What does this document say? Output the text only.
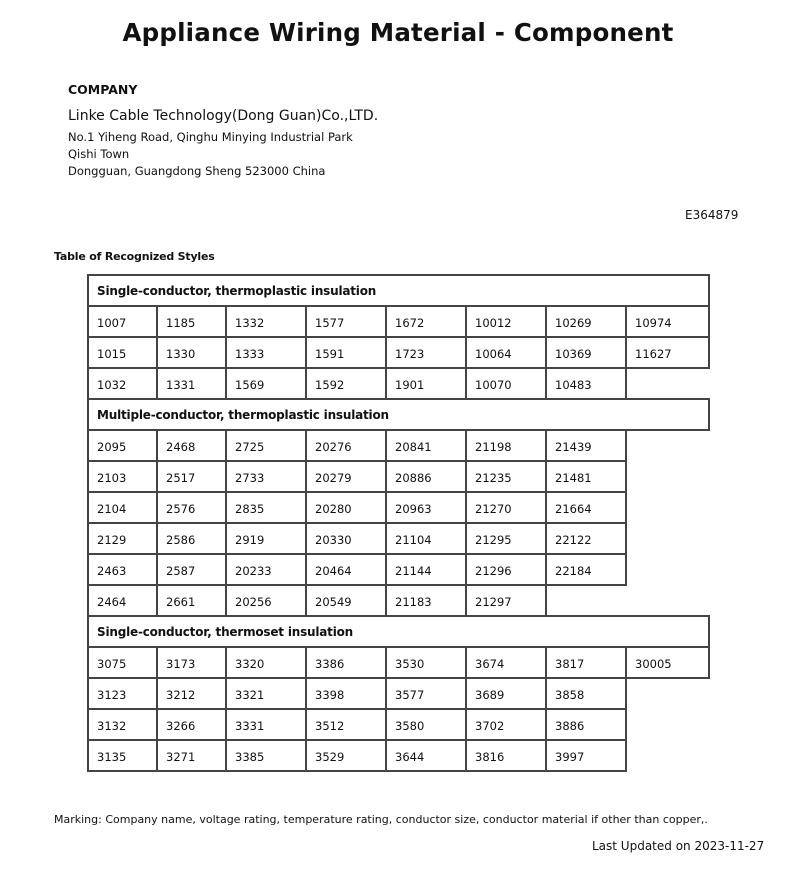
Appliance Wiring Material - Component
COMPANY
Linke Cable Technology(Dong Guan)Co.,LTD.
No.1 Yiheng Road, Qinghu Minying Industrial Park
Qishi Town
Dongguan, Guangdong Sheng 523000 China
E364879
Table of Recognized Styles
Single-conductor, thermoplastic insulation
1007	1185	1332	1577	1672	10012	10269	10974
1015	1330	1333	1591	1723	10064	10369	11627
1032	1331	1569	1592	1901	10070	10483
Multiple-conductor, thermoplastic insulation
2095	2468	2725	20276	20841	21198	21439
2103	2517	2733	20279	20886	21235	21481
2104	2576	2835	20280	20963	21270	21664
2129	2586	2919	20330	21104	21295	22122
2463	2587	20233	20464	21144	21296	22184
2464	2661	20256	20549	21183	21297
Single-conductor, thermoset insulation
3075	3173	3320	3386	3530	3674	3817	30005
3123	3212	3321	3398	3577	3689	3858
3132	3266	3331	3512	3580	3702	3886
3135	3271	3385	3529	3644	3816	3997
Marking: Company name, voltage rating, temperature rating, conductor size, conductor material if other than copper,.
Last Updated on 2023-11-27
